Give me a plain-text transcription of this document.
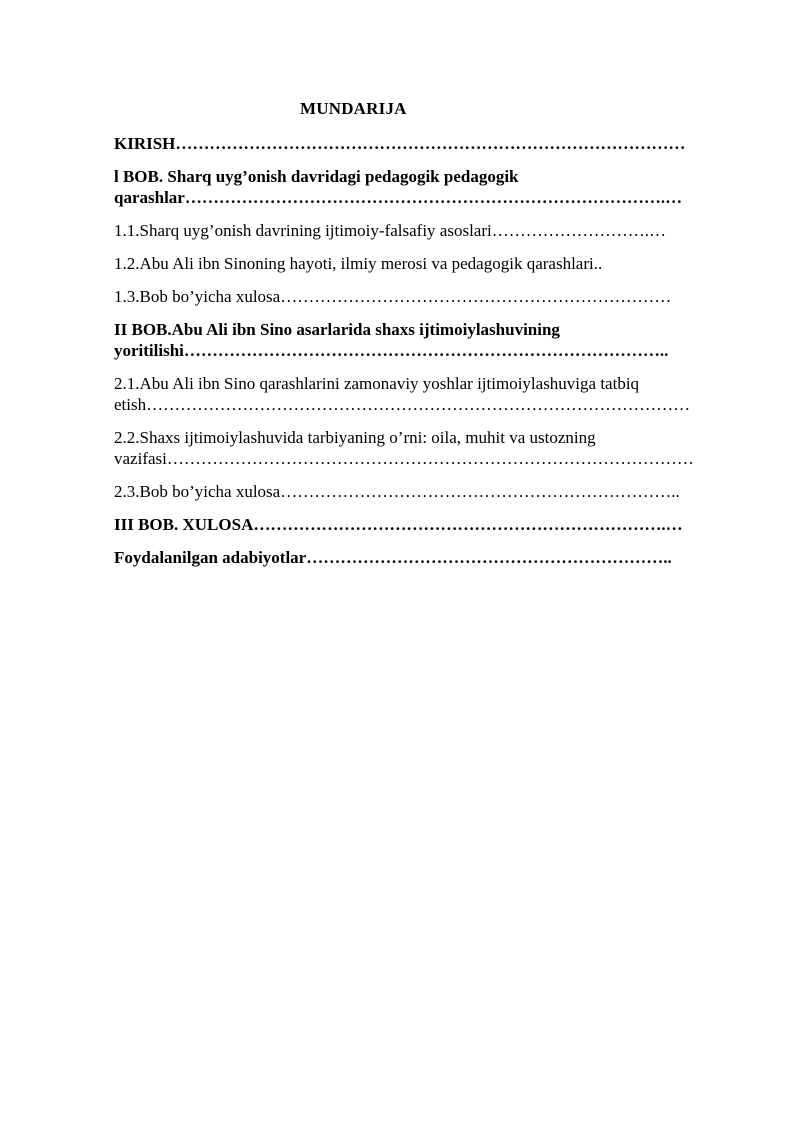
MUNDARIJA
KIRISH………………………………………………………………………………
l BOB. Sharq uyg’onish davridagi pedagogik pedagogik
qarashlar………………………………………………………………………….…
1.1.Sharq uyg’onish davrining ijtimoiy-falsafiy asoslari……………………….…
1.2.Abu Ali ibn Sinoning hayoti, ilmiy merosi va pedagogik qarashlari..
1.3.Bob bo’yicha xulosa……………………………………………………………
II BOB.Abu Ali ibn Sino asarlarida shaxs ijtimoiylashuvining
yoritilishi…………………………………………………………………………..
2.1.Abu Ali ibn Sino qarashlarini zamonaviy yoshlar ijtimoiylashuviga tatbiq
etish……………………………………………………………………………………
2.2.Shaxs ijtimoiylashuvida tarbiyaning o’rni: oila, muhit va ustozning
vazifasi…………………………………………………………………………………
2.3.Bob bo’yicha xulosa……………………………………………………………..
III BOB. XULOSA……………………………………………………………….…
Foydalanilgan adabiyotlar………………………………………………………..
